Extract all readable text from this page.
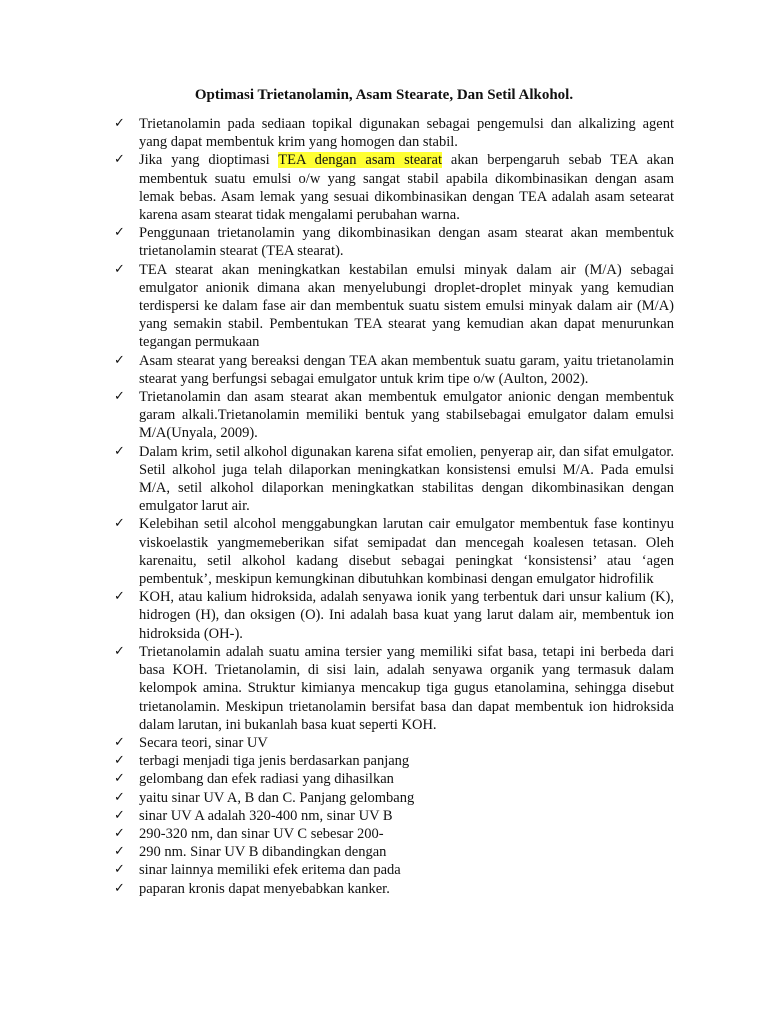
Optimasi Trietanolamin, Asam Stearate, Dan Setil Alkohol.
✓ Trietanolamin pada sediaan topikal digunakan sebagai pengemulsi dan alkalizing agent yang dapat membentuk krim yang homogen dan stabil.
✓ Jika yang dioptimasi TEA dengan asam stearat akan berpengaruh sebab TEA akan membentuk suatu emulsi o/w yang sangat stabil apabila dikombinasikan dengan asam lemak bebas. Asam lemak yang sesuai dikombinasikan dengan TEA adalah asam setearat karena asam stearat tidak mengalami perubahan warna.
✓ Penggunaan trietanolamin yang dikombinasikan dengan asam stearat akan membentuk trietanolamin stearat (TEA stearat).
✓ TEA stearat akan meningkatkan kestabilan emulsi minyak dalam air (M/A) sebagai emulgator anionik dimana akan menyelubungi droplet-droplet minyak yang kemudian terdispersi ke dalam fase air dan membentuk suatu sistem emulsi minyak dalam air (M/A) yang semakin stabil. Pembentukan TEA stearat yang kemudian akan dapat menurunkan tegangan permukaan
✓ Asam stearat yang bereaksi dengan TEA akan membentuk suatu garam, yaitu trietanolamin stearat yang berfungsi sebagai emulgator untuk krim tipe o/w (Aulton, 2002).
✓ Trietanolamin dan asam stearat akan membentuk emulgator anionic dengan membentuk garam alkali.Trietanolamin memiliki bentuk yang stabilsebagai emulgator dalam emulsi M/A(Unyala, 2009).
✓ Dalam krim, setil alkohol digunakan karena sifat emolien, penyerap air, dan sifat emulgator. Setil alkohol juga telah dilaporkan meningkatkan konsistensi emulsi M/A. Pada emulsi M/A, setil alkohol dilaporkan meningkatkan stabilitas dengan dikombinasikan dengan emulgator larut air.
✓ Kelebihan setil alcohol menggabungkan larutan cair emulgator membentuk fase kontinyu viskoelastik yangmemeberikan sifat semipadat dan mencegah koalesen tetasan. Oleh karenaitu, setil alkohol kadang disebut sebagai peningkat ‘konsistensi’ atau ‘agen pembentuk’, meskipun kemungkinan dibutuhkan kombinasi dengan emulgator hidrofilik
✓ KOH, atau kalium hidroksida, adalah senyawa ionik yang terbentuk dari unsur kalium (K), hidrogen (H), dan oksigen (O). Ini adalah basa kuat yang larut dalam air, membentuk ion hidroksida (OH-).
✓ Trietanolamin adalah suatu amina tersier yang memiliki sifat basa, tetapi ini berbeda dari basa KOH. Trietanolamin, di sisi lain, adalah senyawa organik yang termasuk dalam kelompok amina. Struktur kimianya mencakup tiga gugus etanolamina, sehingga disebut trietanolamin. Meskipun trietanolamin bersifat basa dan dapat membentuk ion hidroksida dalam larutan, ini bukanlah basa kuat seperti KOH.
✓ Secara teori, sinar UV
✓ terbagi menjadi tiga jenis berdasarkan panjang
✓ gelombang dan efek radiasi yang dihasilkan
✓ yaitu sinar UV A, B dan C. Panjang gelombang
✓ sinar UV A adalah 320-400 nm, sinar UV B
✓ 290-320 nm, dan sinar UV C sebesar 200-
✓ 290 nm. Sinar UV B dibandingkan dengan
✓ sinar lainnya memiliki efek eritema dan pada
✓ paparan kronis dapat menyebabkan kanker.
